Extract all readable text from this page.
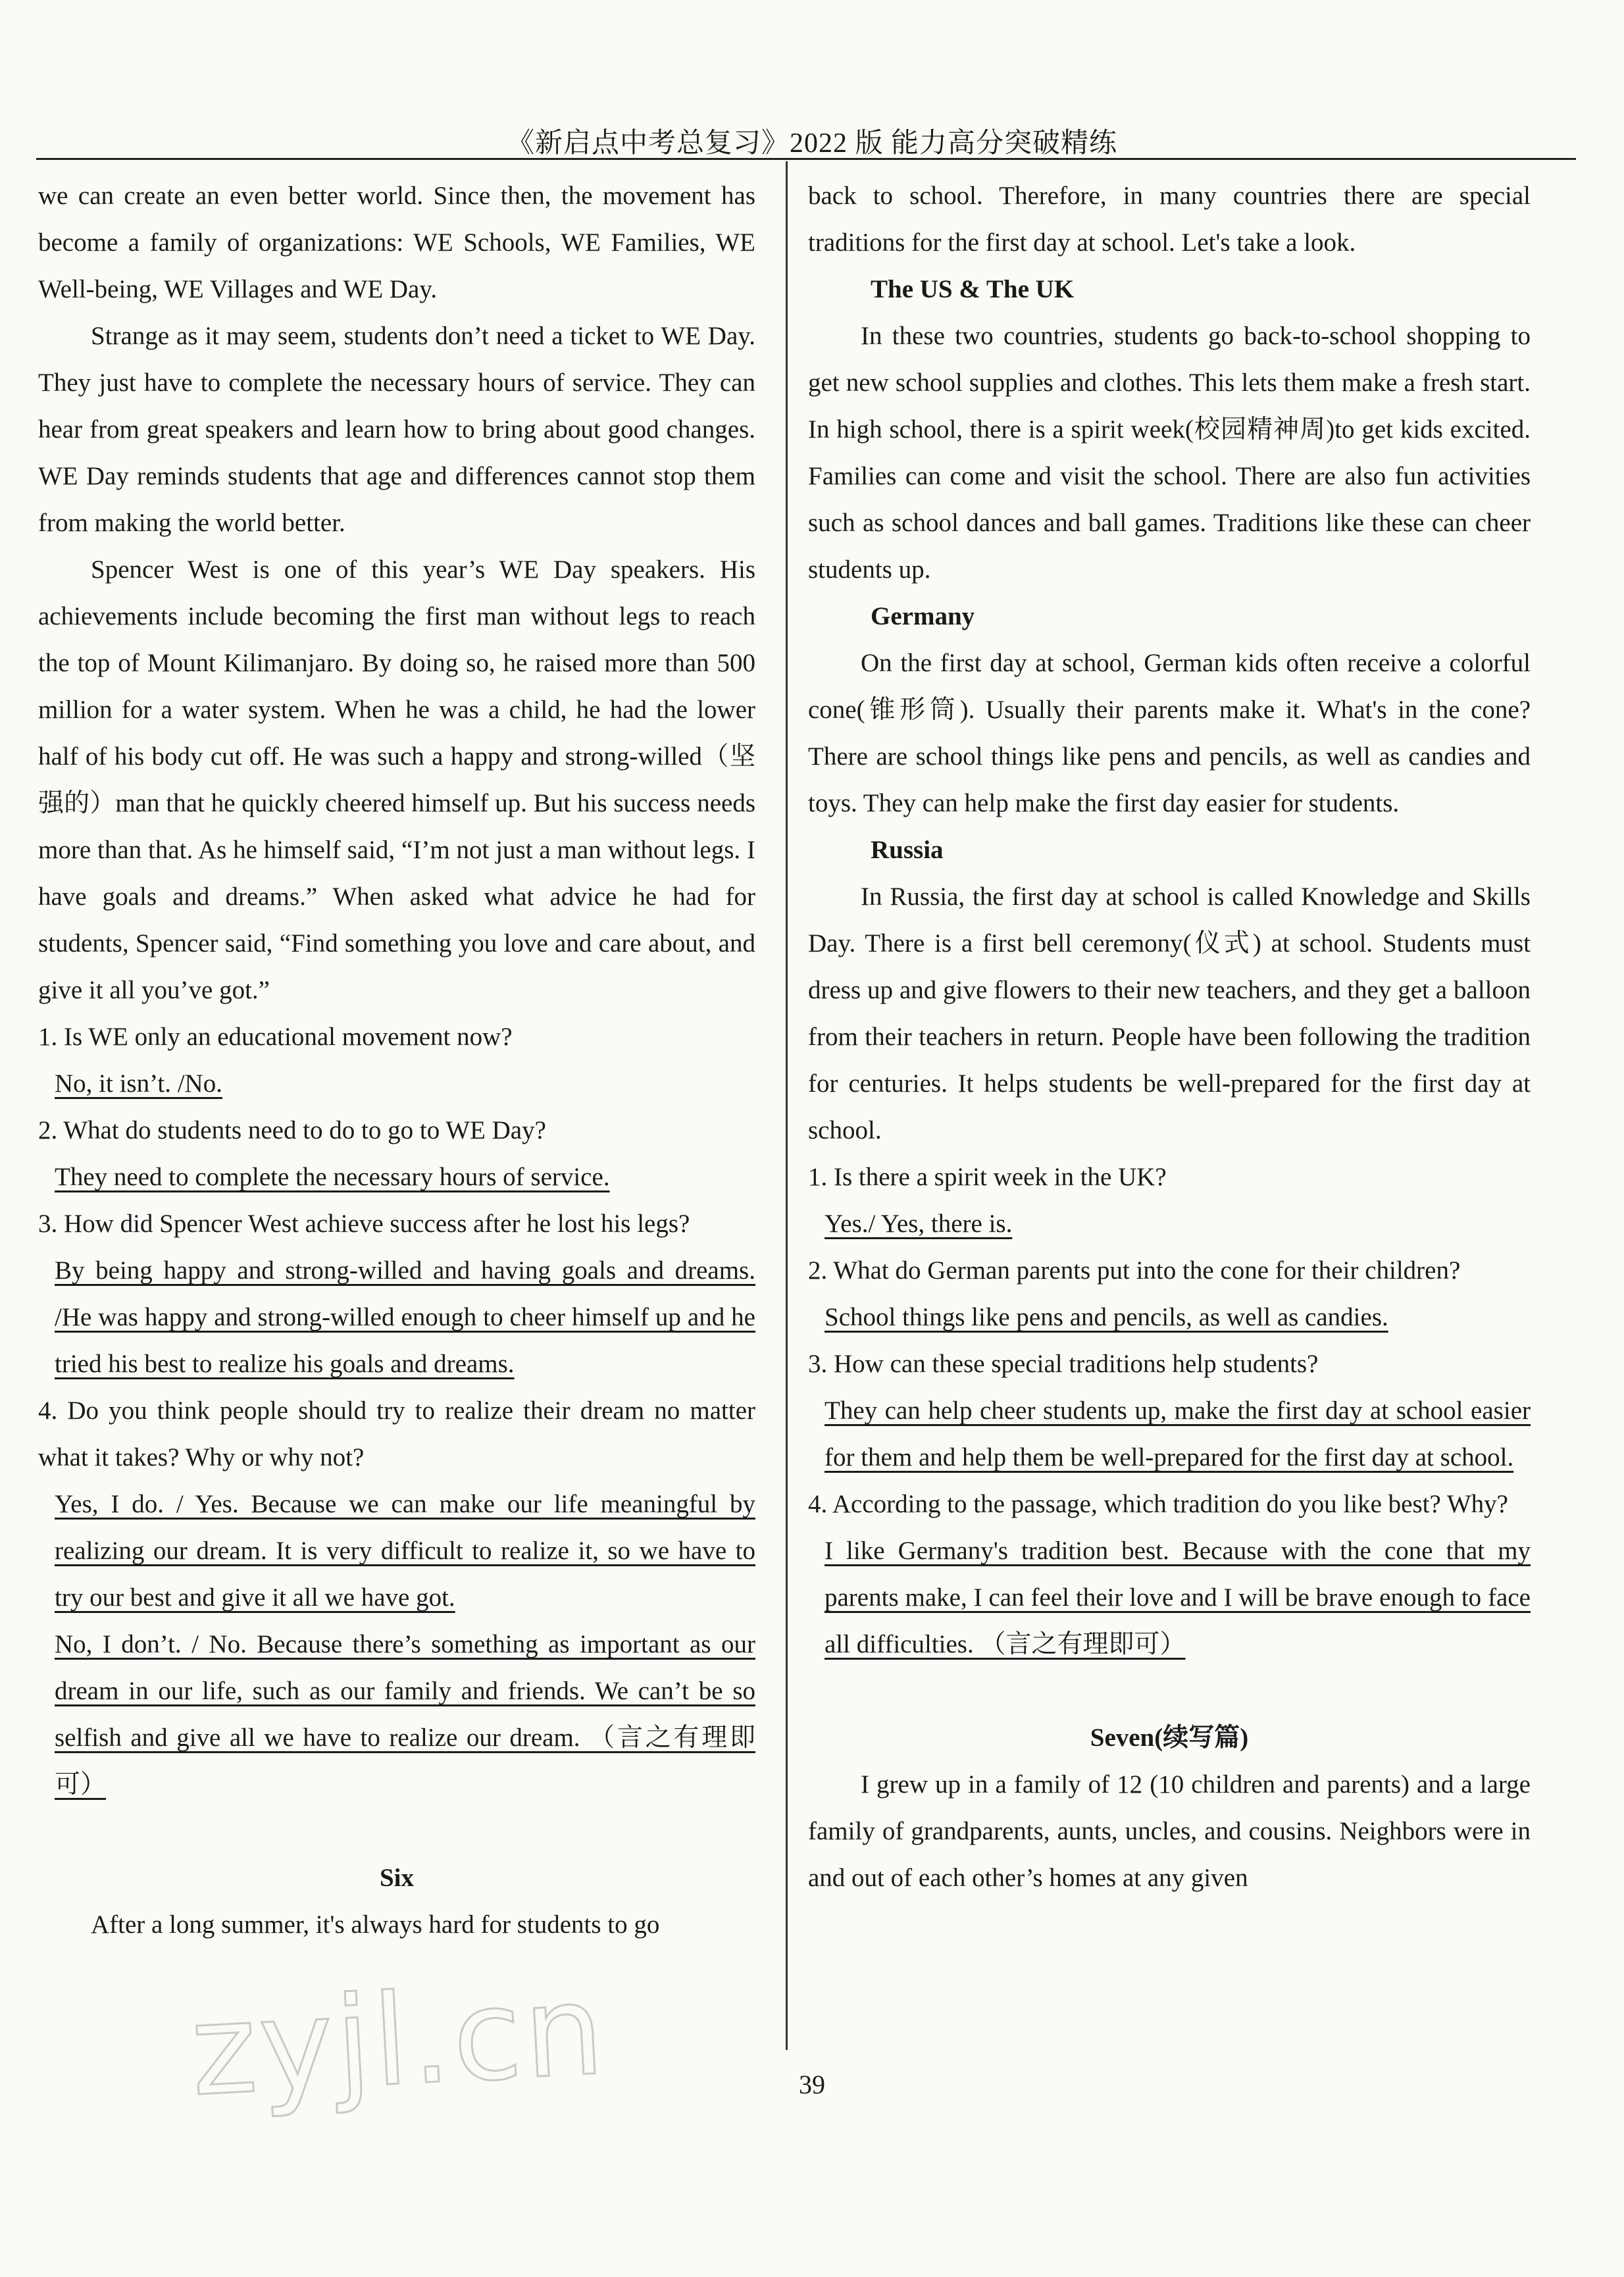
《新启点中考总复习》2022 版 能力高分突破精练

we can create an even better world. Since then, the movement has become a family of organizations: WE Schools, WE Families, WE Well-being, WE Villages and WE Day.

Strange as it may seem, students don’t need a ticket to WE Day. They just have to complete the necessary hours of service. They can hear from great speakers and learn how to bring about good changes. WE Day reminds students that age and differences cannot stop them from making the world better.

Spencer West is one of this year’s WE Day speakers. His achievements include becoming the first man without legs to reach the top of Mount Kilimanjaro. By doing so, he raised more than 500 million for a water system. When he was a child, he had the lower half of his body cut off. He was such a happy and strong-willed（坚强的）man that he quickly cheered himself up. But his success needs more than that. As he himself said, “I’m not just a man without legs. I have goals and dreams.” When asked what advice he had for students, Spencer said, “Find something you love and care about, and give it all you’ve got.”

1. Is WE only an educational movement now?

No, it isn’t. /No.

2. What do students need to do to go to WE Day?

They need to complete the necessary hours of service.

3. How did Spencer West achieve success after he lost his legs?

By being happy and strong-willed and having goals and dreams. /He was happy and strong-willed enough to cheer himself up and he tried his best to realize his goals and dreams.

4. Do you think people should try to realize their dream no matter what it takes? Why or why not?

Yes, I do. / Yes. Because we can make our life meaningful by realizing our dream. It is very difficult to realize it, so we have to try our best and give it all we have got.

No, I don’t. / No. Because there’s something as important as our dream in our life, such as our family and friends. We can’t be so selfish and give all we have to realize our dream. （言之有理即可）

Six

After a long summer, it's always hard for students to go

back to school. Therefore, in many countries there are special traditions for the first day at school. Let's take a look.

The US & The UK

In these two countries, students go back-to-school shopping to get new school supplies and clothes. This lets them make a fresh start. In high school, there is a spirit week(校园精神周)to get kids excited. Families can come and visit the school. There are also fun activities such as school dances and ball games. Traditions like these can cheer students up.

Germany

On the first day at school, German kids often receive a colorful cone(锥形筒). Usually their parents make it. What's in the cone? There are school things like pens and pencils, as well as candies and toys. They can help make the first day easier for students.

Russia

In Russia, the first day at school is called Knowledge and Skills Day. There is a first bell ceremony(仪式) at school. Students must dress up and give flowers to their new teachers, and they get a balloon from their teachers in return. People have been following the tradition for centuries. It helps students be well-prepared for the first day at school.

1. Is there a spirit week in the UK?

Yes./ Yes, there is.

2. What do German parents put into the cone for their children?

School things like pens and pencils, as well as candies.

3. How can these special traditions help students?

They can help cheer students up, make the first day at school easier for them and help them be well-prepared for the first day at school.

4. According to the passage, which tradition do you like best? Why?

I like Germany's tradition best. Because with the cone that my parents make, I can feel their love and I will be brave enough to face all difficulties. （言之有理即可）

Seven(续写篇)

I grew up in a family of 12 (10 children and parents) and a large family of grandparents, aunts, uncles, and cousins. Neighbors were in and out of each other’s homes at any given

39
zyjl.cn
